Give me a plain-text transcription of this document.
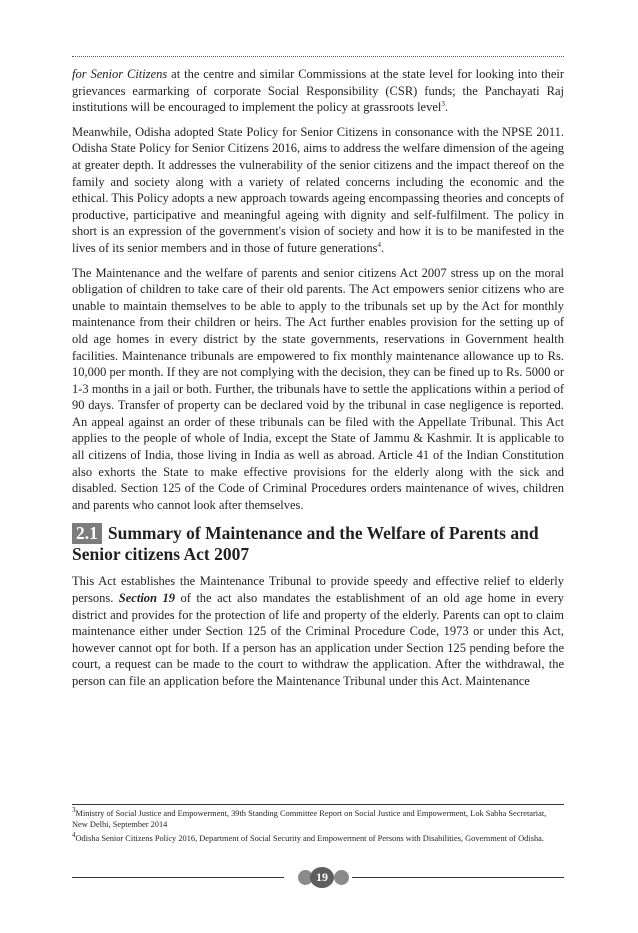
for Senior Citizens at the centre and similar Commissions at the state level for looking into their grievances earmarking of corporate Social Responsibility (CSR) funds; the Panchayati Raj institutions will be encouraged to implement the policy at grassroots level$^3$.

Meanwhile, Odisha adopted State Policy for Senior Citizens in consonance with the NPSE 2011. Odisha State Policy for Senior Citizens 2016, aims to address the welfare dimension of the ageing at greater depth. It addresses the vulnerability of the senior citizens and the impact thereof on the family and society along with a variety of related concerns including the economic and the ethical. This Policy adopts a new approach towards ageing encompassing theories and concepts of productive, participative and meaningful ageing with dignity and self-fulfilment. The policy in short is an expression of the government's vision of society and how it is to be manifested in the lives of its senior members and in those of future generations$^4$.

The Maintenance and the welfare of parents and senior citizens Act 2007 stress up on the moral obligation of children to take care of their old parents. The Act empowers senior citizens who are unable to maintain themselves to be able to apply to the tribunals set up by the Act for monthly maintenance from their children or heirs. The Act further enables provision for the setting up of old age homes in every district by the state governments, reservations in Government health facilities. Maintenance tribunals are empowered to fix monthly maintenance allowance up to Rs. 10,000 per month. If they are not complying with the decision, they can be fined up to Rs. 5000 or 1-3 months in a jail or both. Further, the tribunals have to settle the applications within a period of 90 days. Transfer of property can be declared void by the tribunal in case negligence is reported. An appeal against an order of these tribunals can be filed with the Appellate Tribunal. This Act applies to the people of whole of India, except the State of Jammu & Kashmir. It is applicable to all citizens of India, those living in India as well as abroad. Article 41 of the Indian Constitution also exhorts the State to make effective provisions for the elderly along with the sick and disabled. Section 125 of the Code of Criminal Procedures orders maintenance of wives, children and parents who cannot look after themselves.

2.1 Summary of Maintenance and the Welfare of Parents and Senior citizens Act 2007

This Act establishes the Maintenance Tribunal to provide speedy and effective relief to elderly persons. Section 19 of the act also mandates the establishment of an old age home in every district and provides for the protection of life and property of the elderly. Parents can opt to claim maintenance either under Section 125 of the Criminal Procedure Code, 1973 or under this Act, however cannot opt for both. If a person has an application under Section 125 pending before the court, a request can be made to the court to withdraw the application. After the withdrawal, the person can file an application before the Maintenance Tribunal under this Act. Maintenance

$^3$Ministry of Social Justice and Empowerment, 39th Standing Committee Report on Social Justice and Empowerment, Lok Sabha Secretariat, New Delhi, September 2014

$^4$Odisha Senior Citizens Policy 2016, Department of Social Security and Empowerment of Persons with Disabilities, Government of Odisha.

19
